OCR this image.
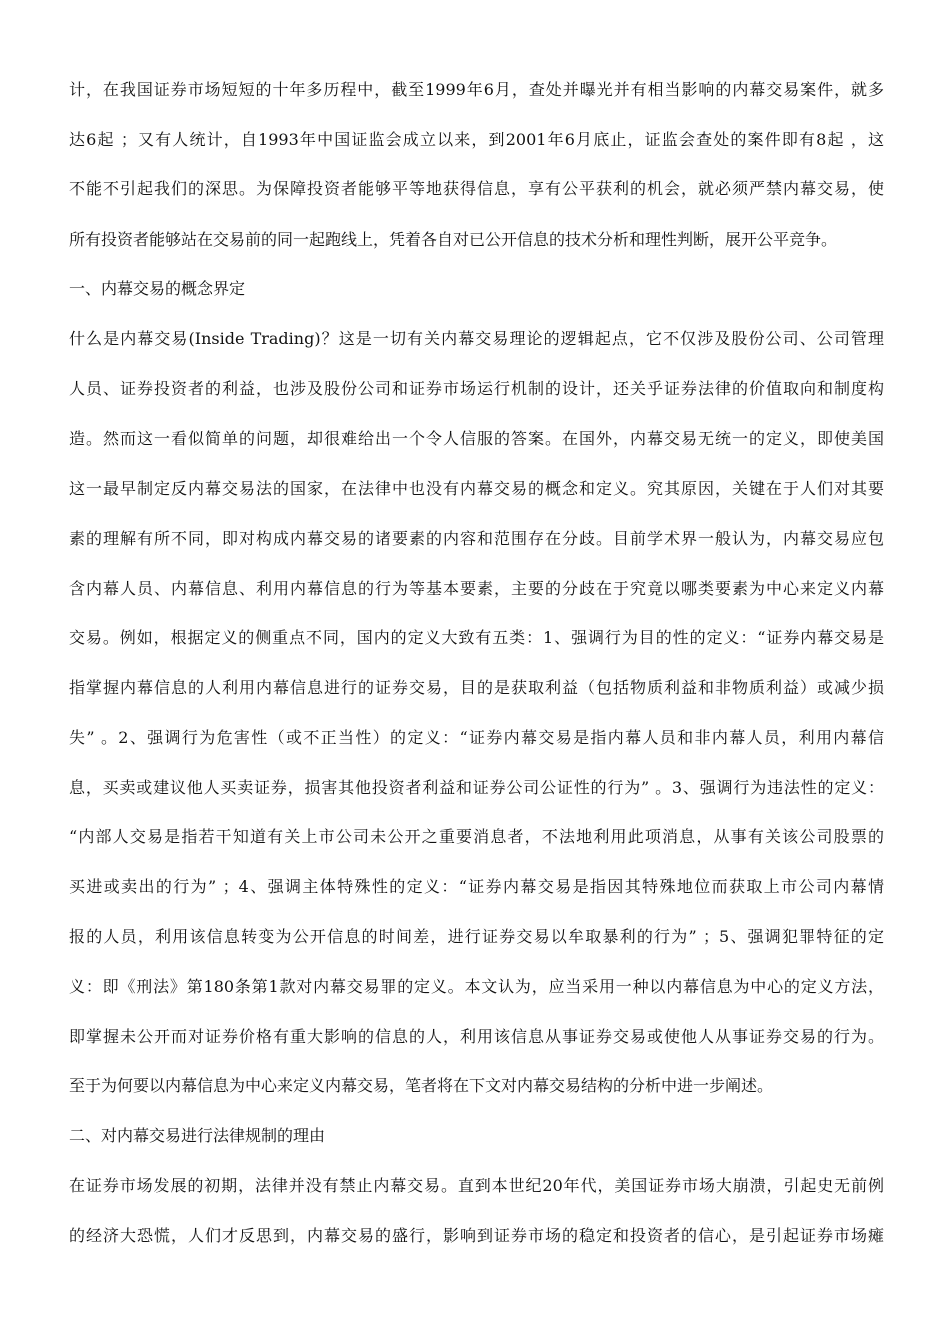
计，在我国证券市场短短的十年多历程中，截至1999年6月，查处并曝光并有相当影响的内幕交易案件，就多
达6起 ；又有人统计，自1993年中国证监会成立以来，到2001年6月底止，证监会查处的案件即有8起 ，这
不能不引起我们的深思。为保障投资者能够平等地获得信息，享有公平获利的机会，就必须严禁内幕交易，使
所有投资者能够站在交易前的同一起跑线上，凭着各自对已公开信息的技术分析和理性判断，展开公平竞争。
一、内幕交易的概念界定
什么是内幕交易(Inside Trading)？这是一切有关内幕交易理论的逻辑起点，它不仅涉及股份公司、公司管理
人员、证券投资者的利益，也涉及股份公司和证券市场运行机制的设计，还关乎证券法律的价值取向和制度构
造。然而这一看似简单的问题，却很难给出一个令人信服的答案。在国外，内幕交易无统一的定义，即使美国
这一最早制定反内幕交易法的国家，在法律中也没有内幕交易的概念和定义。究其原因，关键在于人们对其要
素的理解有所不同，即对构成内幕交易的诸要素的内容和范围存在分歧。目前学术界一般认为，内幕交易应包
含内幕人员、内幕信息、利用内幕信息的行为等基本要素，主要的分歧在于究竟以哪类要素为中心来定义内幕
交易。例如，根据定义的侧重点不同，国内的定义大致有五类：1、强调行为目的性的定义：“证券内幕交易是
指掌握内幕信息的人利用内幕信息进行的证券交易，目的是获取利益（包括物质利益和非物质利益）或减少损
失” 。2、强调行为危害性（或不正当性）的定义：“证券内幕交易是指内幕人员和非内幕人员，利用内幕信
息，买卖或建议他人买卖证券，损害其他投资者利益和证券公司公证性的行为” 。3、强调行为违法性的定义：
“内部人交易是指若干知道有关上市公司未公开之重要消息者，不法地利用此项消息，从事有关该公司股票的
买进或卖出的行为” ；4、强调主体特殊性的定义：“证券内幕交易是指因其特殊地位而获取上市公司内幕情
报的人员，利用该信息转变为公开信息的时间差，进行证券交易以牟取暴利的行为” ；5、强调犯罪特征的定
义：即《刑法》第180条第1款对内幕交易罪的定义。本文认为，应当采用一种以内幕信息为中心的定义方法，
即掌握未公开而对证券价格有重大影响的信息的人，利用该信息从事证券交易或使他人从事证券交易的行为。
至于为何要以内幕信息为中心来定义内幕交易，笔者将在下文对内幕交易结构的分析中进一步阐述。
二、对内幕交易进行法律规制的理由
在证券市场发展的初期，法律并没有禁止内幕交易。直到本世纪20年代，美国证券市场大崩溃，引起史无前例
的经济大恐慌，人们才反思到，内幕交易的盛行，影响到证券市场的稳定和投资者的信心，是引起证券市场瘫
